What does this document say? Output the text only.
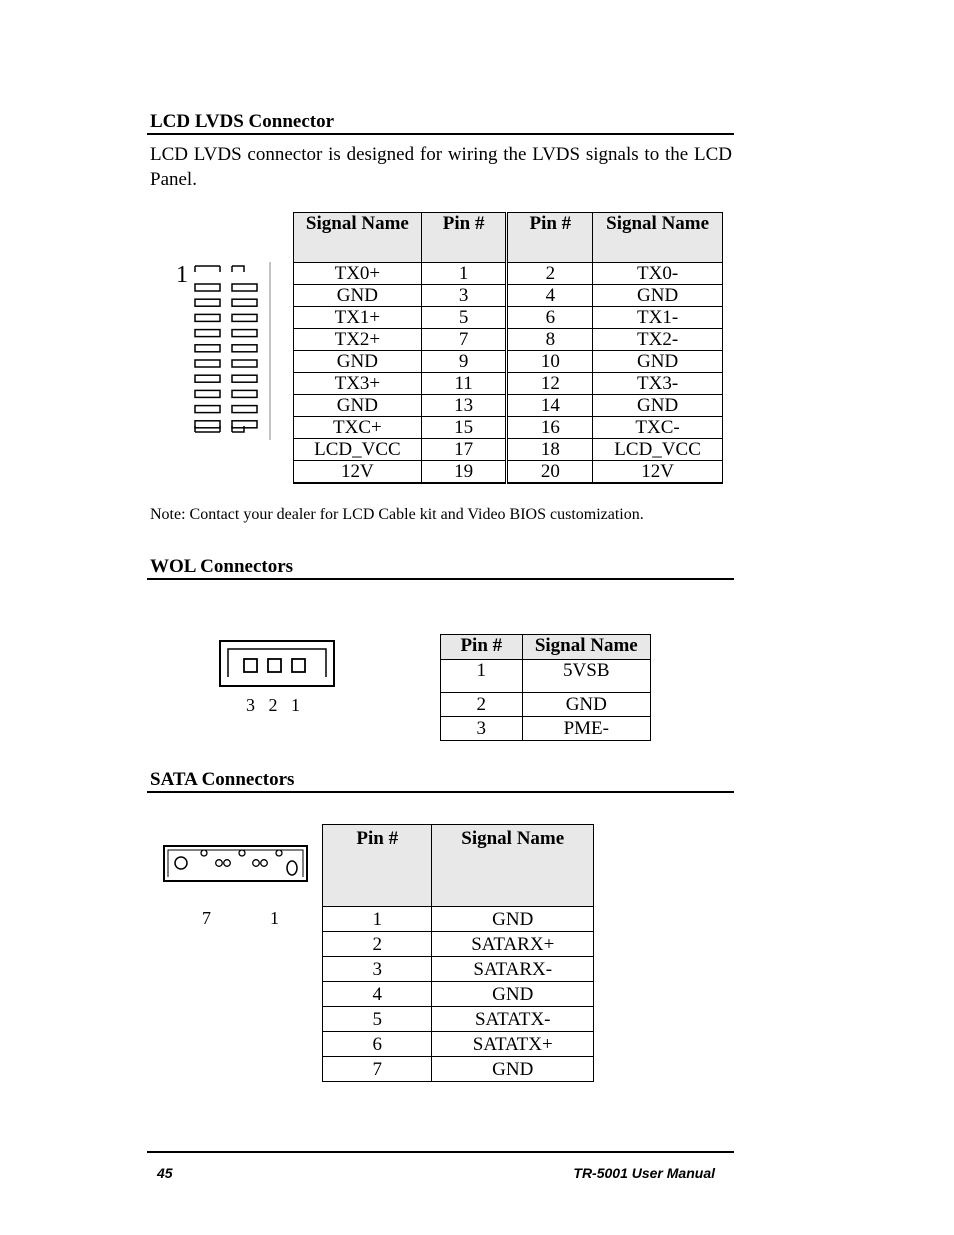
LCD LVDS Connector
LCD LVDS connector is designed for wiring the LVDS signals to the LCD Panel.
1
Signal Name	Pin #	Pin #	Signal Name
TX0+	1	2	TX0-
GND	3	4	GND
TX1+	5	6	TX1-
TX2+	7	8	TX2-
GND	9	10	GND
TX3+	11	12	TX3-
GND	13	14	GND
TXC+	15	16	TXC-
LCD_VCC	17	18	LCD_VCC
12V	19	20	12V
Note: Contact your dealer for LCD Cable kit and Video BIOS customization.
WOL Connectors
3   2   1
Pin #	Signal Name
1	5VSB
2	GND
3	PME-
SATA Connectors
7	1
Pin #	Signal Name
1	GND
2	SATARX+
3	SATARX-
4	GND
5	SATATX-
6	SATATX+
7	GND
45	TR-5001 User Manual
